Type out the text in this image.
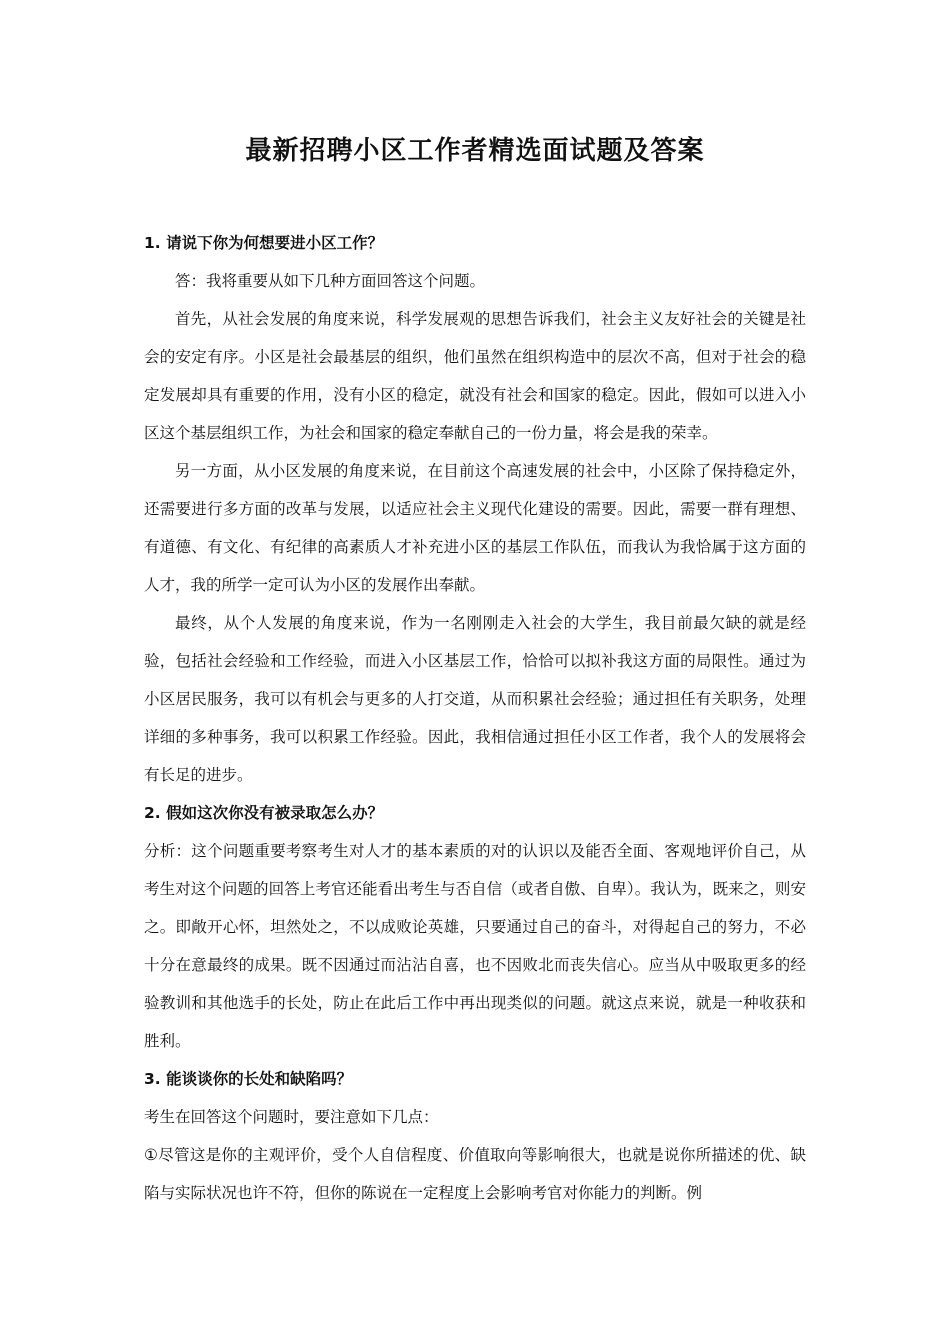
最新招聘小区工作者精选面试题及答案

1. 请说下你为何想要进小区工作？

答：我将重要从如下几种方面回答这个问题。

首先，从社会发展的角度来说，科学发展观的思想告诉我们，社会主义友好社会的关键是社会的安定有序。小区是社会最基层的组织，他们虽然在组织构造中的层次不高，但对于社会的稳定发展却具有重要的作用，没有小区的稳定，就没有社会和国家的稳定。因此，假如可以进入小区这个基层组织工作，为社会和国家的稳定奉献自己的一份力量，将会是我的荣幸。

另一方面，从小区发展的角度来说，在目前这个高速发展的社会中，小区除了保持稳定外，还需要进行多方面的改革与发展，以适应社会主义现代化建设的需要。因此，需要一群有理想、有道德、有文化、有纪律的高素质人才补充进小区的基层工作队伍，而我认为我恰属于这方面的人才，我的所学一定可认为小区的发展作出奉献。

最终，从个人发展的角度来说，作为一名刚刚走入社会的大学生，我目前最欠缺的就是经验，包括社会经验和工作经验，而进入小区基层工作，恰恰可以拟补我这方面的局限性。通过为小区居民服务，我可以有机会与更多的人打交道，从而积累社会经验；通过担任有关职务，处理详细的多种事务，我可以积累工作经验。因此，我相信通过担任小区工作者，我个人的发展将会有长足的进步。

2. 假如这次你没有被录取怎么办？

分析：这个问题重要考察考生对人才的基本素质的对的认识以及能否全面、客观地评价自己，从考生对这个问题的回答上考官还能看出考生与否自信（或者自傲、自卑）。我认为，既来之，则安之。即敞开心怀，坦然处之，不以成败论英雄，只要通过自己的奋斗，对得起自己的努力，不必十分在意最终的成果。既不因通过而沾沾自喜，也不因败北而丧失信心。应当从中吸取更多的经验教训和其他选手的长处，防止在此后工作中再出现类似的问题。就这点来说，就是一种收获和胜利。

3. 能谈谈你的长处和缺陷吗？

考生在回答这个问题时，要注意如下几点：

①尽管这是你的主观评价，受个人自信程度、价值取向等影响很大，也就是说你所描述的优、缺陷与实际状况也许不符，但你的陈说在一定程度上会影响考官对你能力的判断。例
